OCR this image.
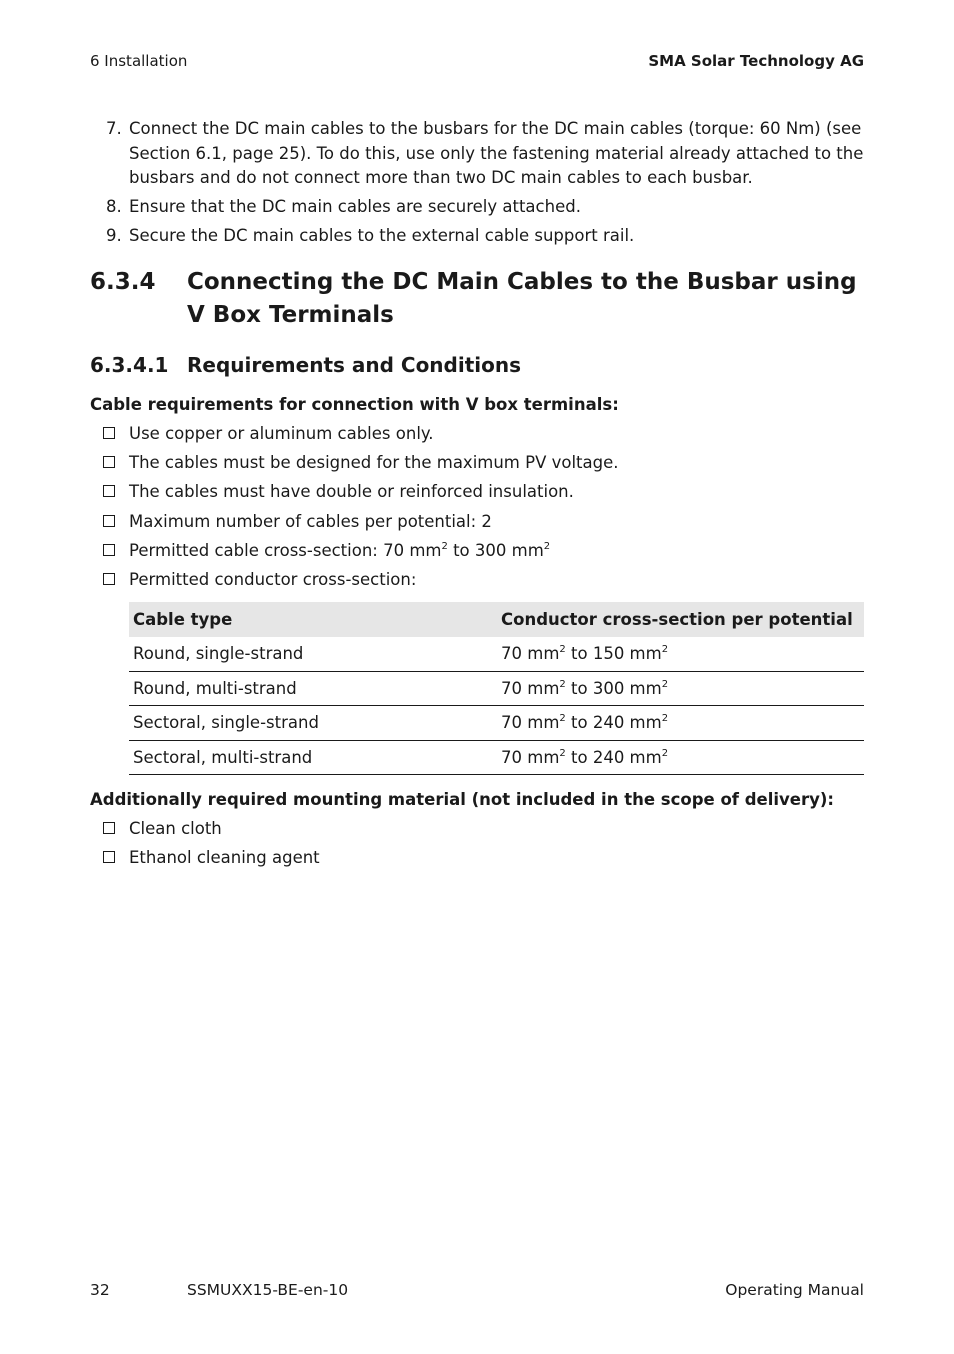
6 Installation	SMA Solar Technology AG
7. Connect the DC main cables to the busbars for the DC main cables (torque: 60 Nm) (see Section 6.1, page 25). To do this, use only the fastening material already attached to the busbars and do not connect more than two DC main cables to each busbar.
8. Ensure that the DC main cables are securely attached.
9. Secure the DC main cables to the external cable support rail.
6.3.4 Connecting the DC Main Cables to the Busbar using V Box Terminals
6.3.4.1 Requirements and Conditions
Cable requirements for connection with V box terminals:
Use copper or aluminum cables only.
The cables must be designed for the maximum PV voltage.
The cables must have double or reinforced insulation.
Maximum number of cables per potential: 2
Permitted cable cross-section: 70 $mm^2$ to 300 $mm^2$
Permitted conductor cross-section:
Cable type	Conductor cross-section per potential
Round, single-strand	70 $mm^2$ to 150 $mm^2$
Round, multi-strand	70 $mm^2$ to 300 $mm^2$
Sectoral, single-strand	70 $mm^2$ to 240 $mm^2$
Sectoral, multi-strand	70 $mm^2$ to 240 $mm^2$
Additionally required mounting material (not included in the scope of delivery):
Clean cloth
Ethanol cleaning agent
32	SSMUXX15-BE-en-10	Operating Manual
